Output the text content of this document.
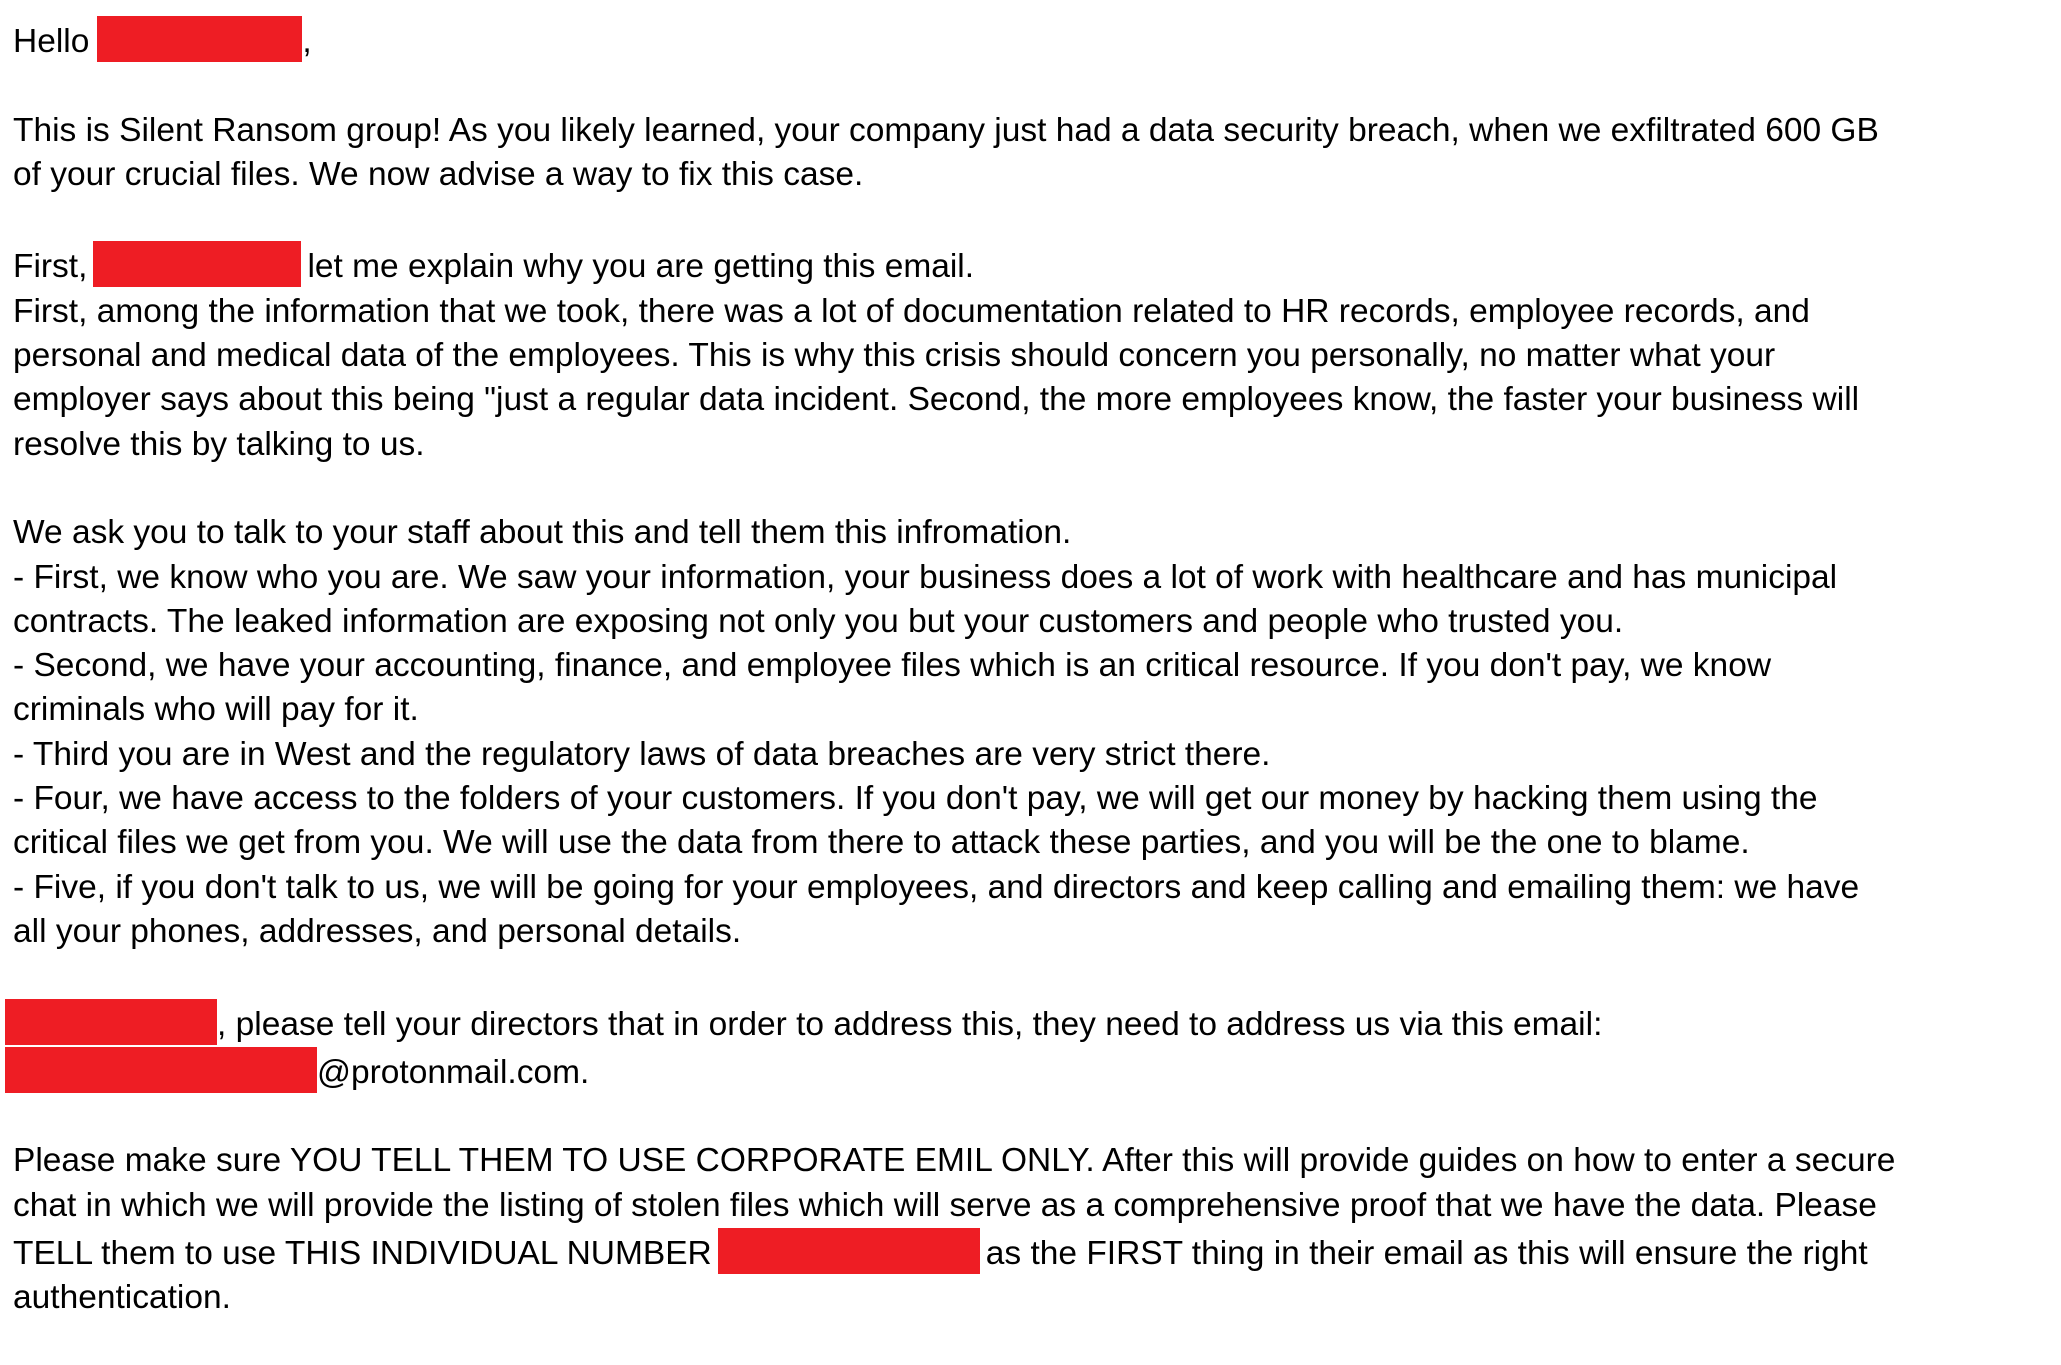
Hello	,
This is Silent Ransom group! As you likely learned, your company just had a data security breach, when we exfiltrated 600 GB
of your crucial files. We now advise a way to fix this case.
First,	let me explain why you are getting this email.
First, among the information that we took, there was a lot of documentation related to HR records, employee records, and
personal and medical data of the employees. This is why this crisis should concern you personally, no matter what your
employer says about this being "just a regular data incident. Second, the more employees know, the faster your business will
resolve this by talking to us.
We ask you to talk to your staff about this and tell them this infromation.
- First, we know who you are. We saw your information, your business does a lot of work with healthcare and has municipal
contracts. The leaked information are exposing not only you but your customers and people who trusted you.
- Second, we have your accounting, finance, and employee files which is an critical resource. If you don't pay, we know
criminals who will pay for it.
- Third you are in West and the regulatory laws of data breaches are very strict there.
- Four, we have access to the folders of your customers. If you don't pay, we will get our money by hacking them using the
critical files we get from you. We will use the data from there to attack these parties, and you will be the one to blame.
- Five, if you don't talk to us, we will be going for your employees, and directors and keep calling and emailing them: we have
all your phones, addresses, and personal details.
, please tell your directors that in order to address this, they need to address us via this email:
@protonmail.com.
Please make sure YOU TELL THEM TO USE CORPORATE EMIL ONLY. After this will provide guides on how to enter a secure
chat in which we will provide the listing of stolen files which will serve as a comprehensive proof that we have the data. Please
TELL them to use THIS INDIVIDUAL NUMBER	as the FIRST thing in their email as this will ensure the right
authentication.
